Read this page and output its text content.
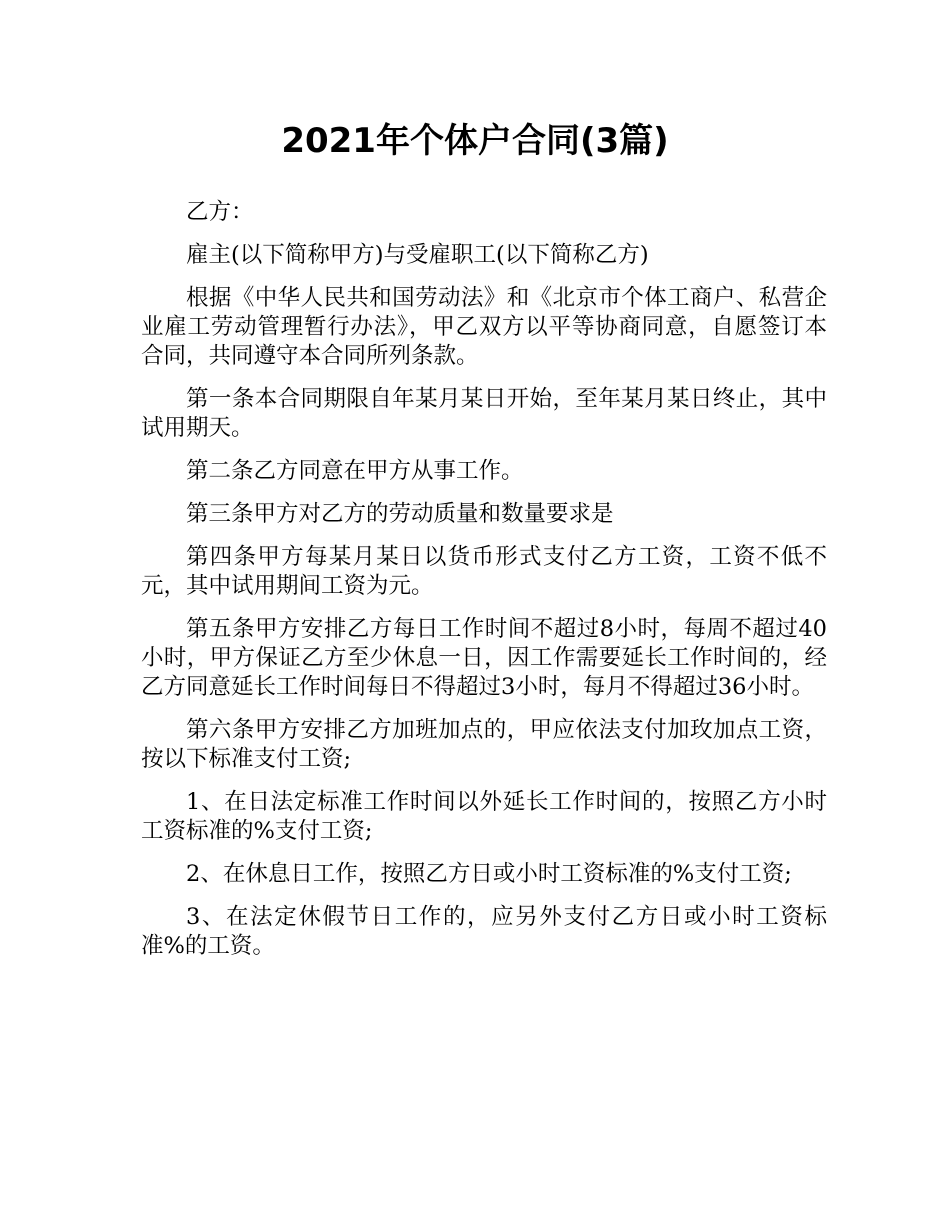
2021年个体户合同(3篇)

乙方：

雇主(以下简称甲方)与受雇职工(以下简称乙方)

根据《中华人民共和国劳动法》和《北京市个体工商户、私营企业雇工劳动管理暂行办法》，甲乙双方以平等协商同意，自愿签订本合同，共同遵守本合同所列条款。

第一条本合同期限自年某月某日开始，至年某月某日终止，其中试用期天。

第二条乙方同意在甲方从事工作。

第三条甲方对乙方的劳动质量和数量要求是

第四条甲方每某月某日以货币形式支付乙方工资，工资不低不元，其中试用期间工资为元。

第五条甲方安排乙方每日工作时间不超过8小时，每周不超过40小时，甲方保证乙方至少休息一日，因工作需要延长工作时间的，经乙方同意延长工作时间每日不得超过3小时，每月不得超过36小时。

第六条甲方安排乙方加班加点的，甲应依法支付加玫加点工资，按以下标准支付工资;

1、在日法定标准工作时间以外延长工作时间的，按照乙方小时工资标准的%支付工资;

2、在休息日工作，按照乙方日或小时工资标准的%支付工资;

3、在法定休假节日工作的，应另外支付乙方日或小时工资标准%的工资。
